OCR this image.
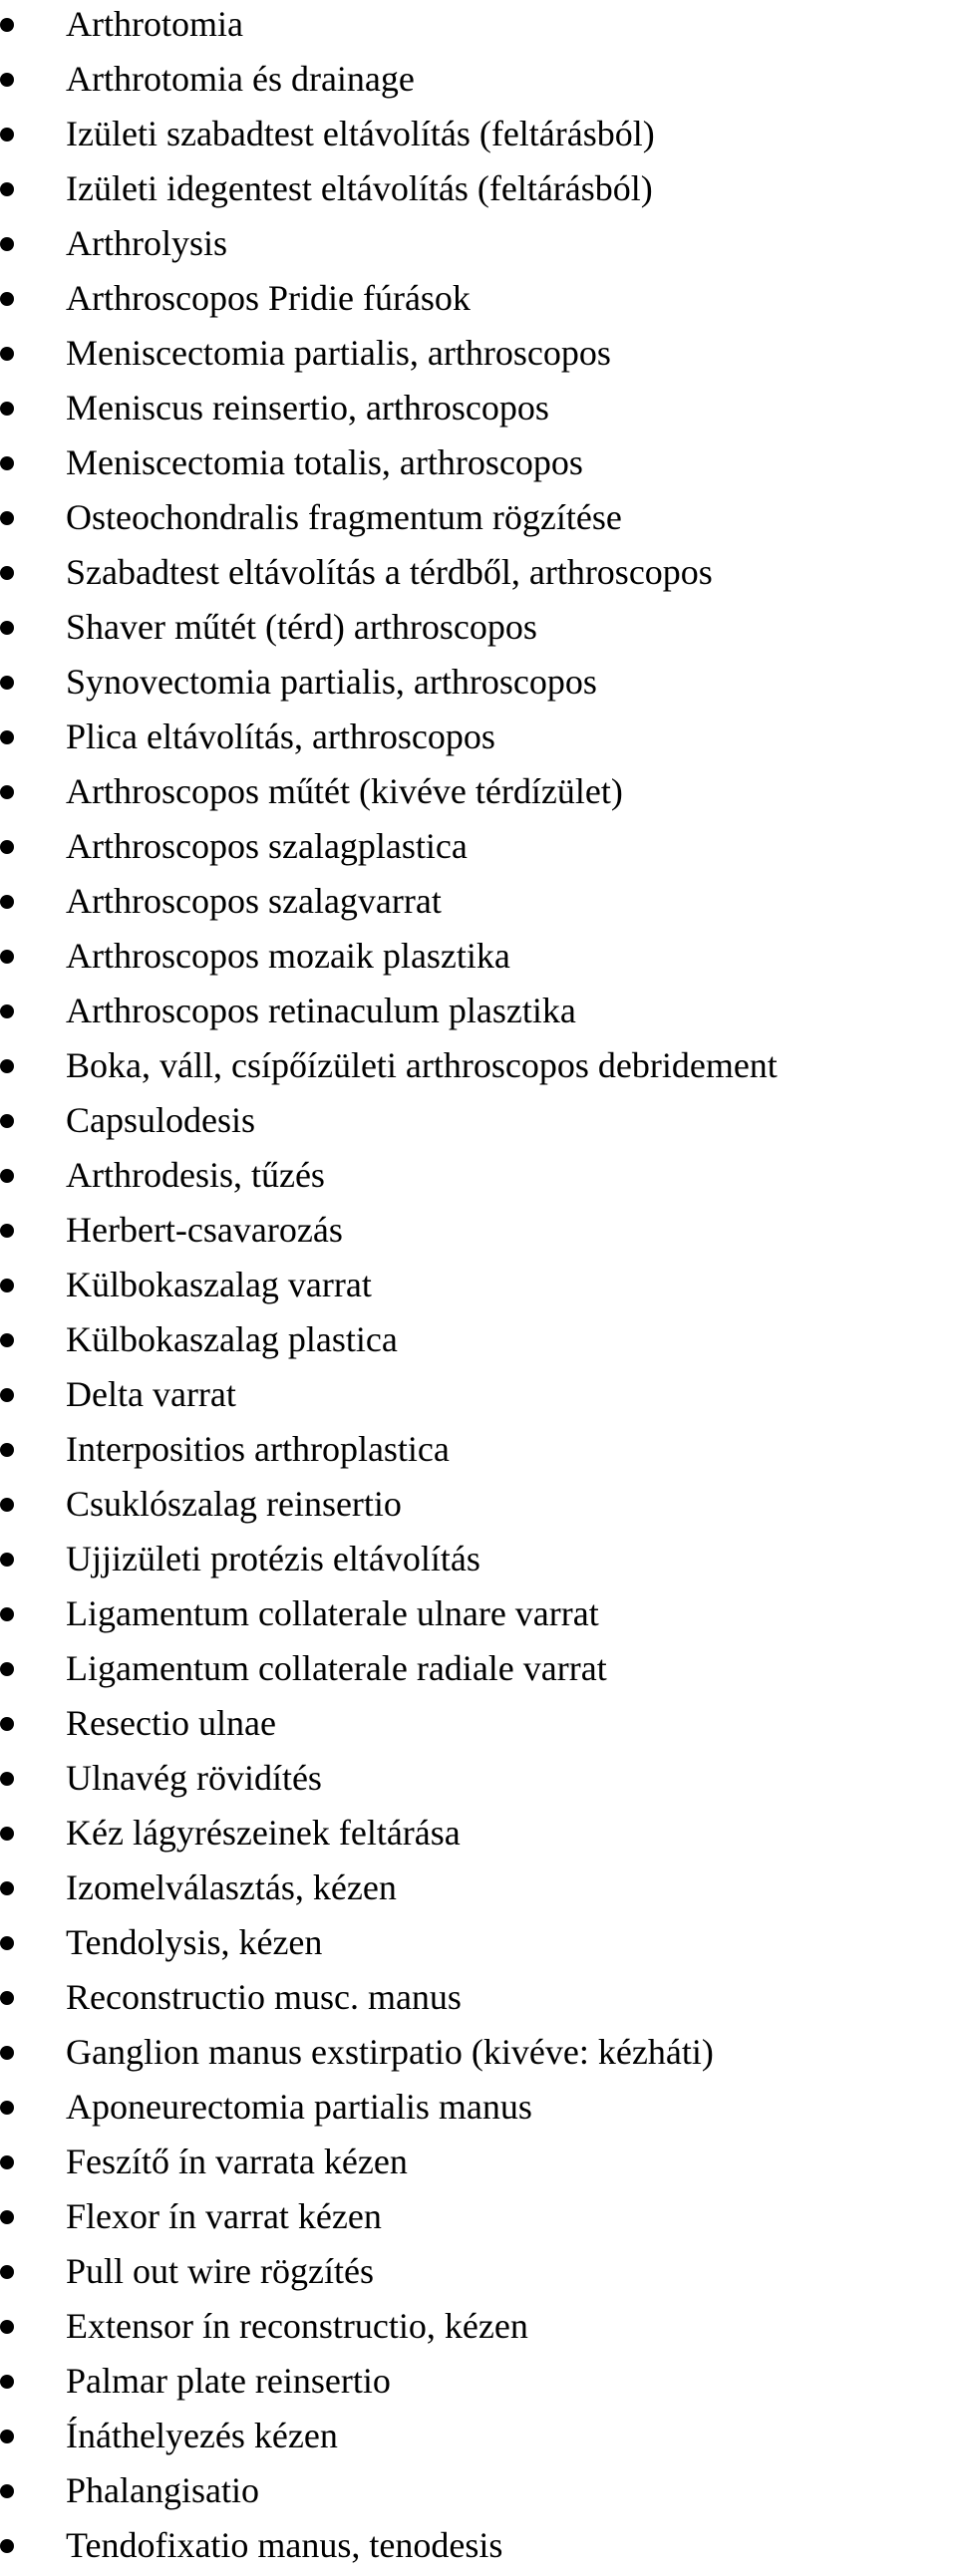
Arthrotomia
Arthrotomia és drainage
Izületi szabadtest eltávolítás (feltárásból)
Izületi idegentest eltávolítás (feltárásból)
Arthrolysis
Arthroscopos Pridie fúrások
Meniscectomia partialis, arthroscopos
Meniscus reinsertio, arthroscopos
Meniscectomia totalis, arthroscopos
Osteochondralis fragmentum rögzítése
Szabadtest eltávolítás a térdből, arthroscopos
Shaver műtét (térd) arthroscopos
Synovectomia partialis, arthroscopos
Plica eltávolítás, arthroscopos
Arthroscopos műtét (kivéve térdízület)
Arthroscopos szalagplastica
Arthroscopos szalagvarrat
Arthroscopos mozaik plasztika
Arthroscopos retinaculum plasztika
Boka, váll, csípőízületi arthroscopos debridement
Capsulodesis
Arthrodesis, tűzés
Herbert-csavarozás
Külbokaszalag varrat
Külbokaszalag plastica
Delta varrat
Interpositios arthroplastica
Csuklószalag reinsertio
Ujjizületi protézis eltávolítás
Ligamentum collaterale ulnare varrat
Ligamentum collaterale radiale varrat
Resectio ulnae
Ulnavég rövidítés
Kéz lágyrészeinek feltárása
Izomelválasztás, kézen
Tendolysis, kézen
Reconstructio musc. manus
Ganglion manus exstirpatio (kivéve: kézháti)
Aponeurectomia partialis manus
Feszítő ín varrata kézen
Flexor ín varrat kézen
Pull out wire rögzítés
Extensor ín reconstructio, kézen
Palmar plate reinsertio
Ínáthelyezés kézen
Phalangisatio
Tendofixatio manus, tenodesis
